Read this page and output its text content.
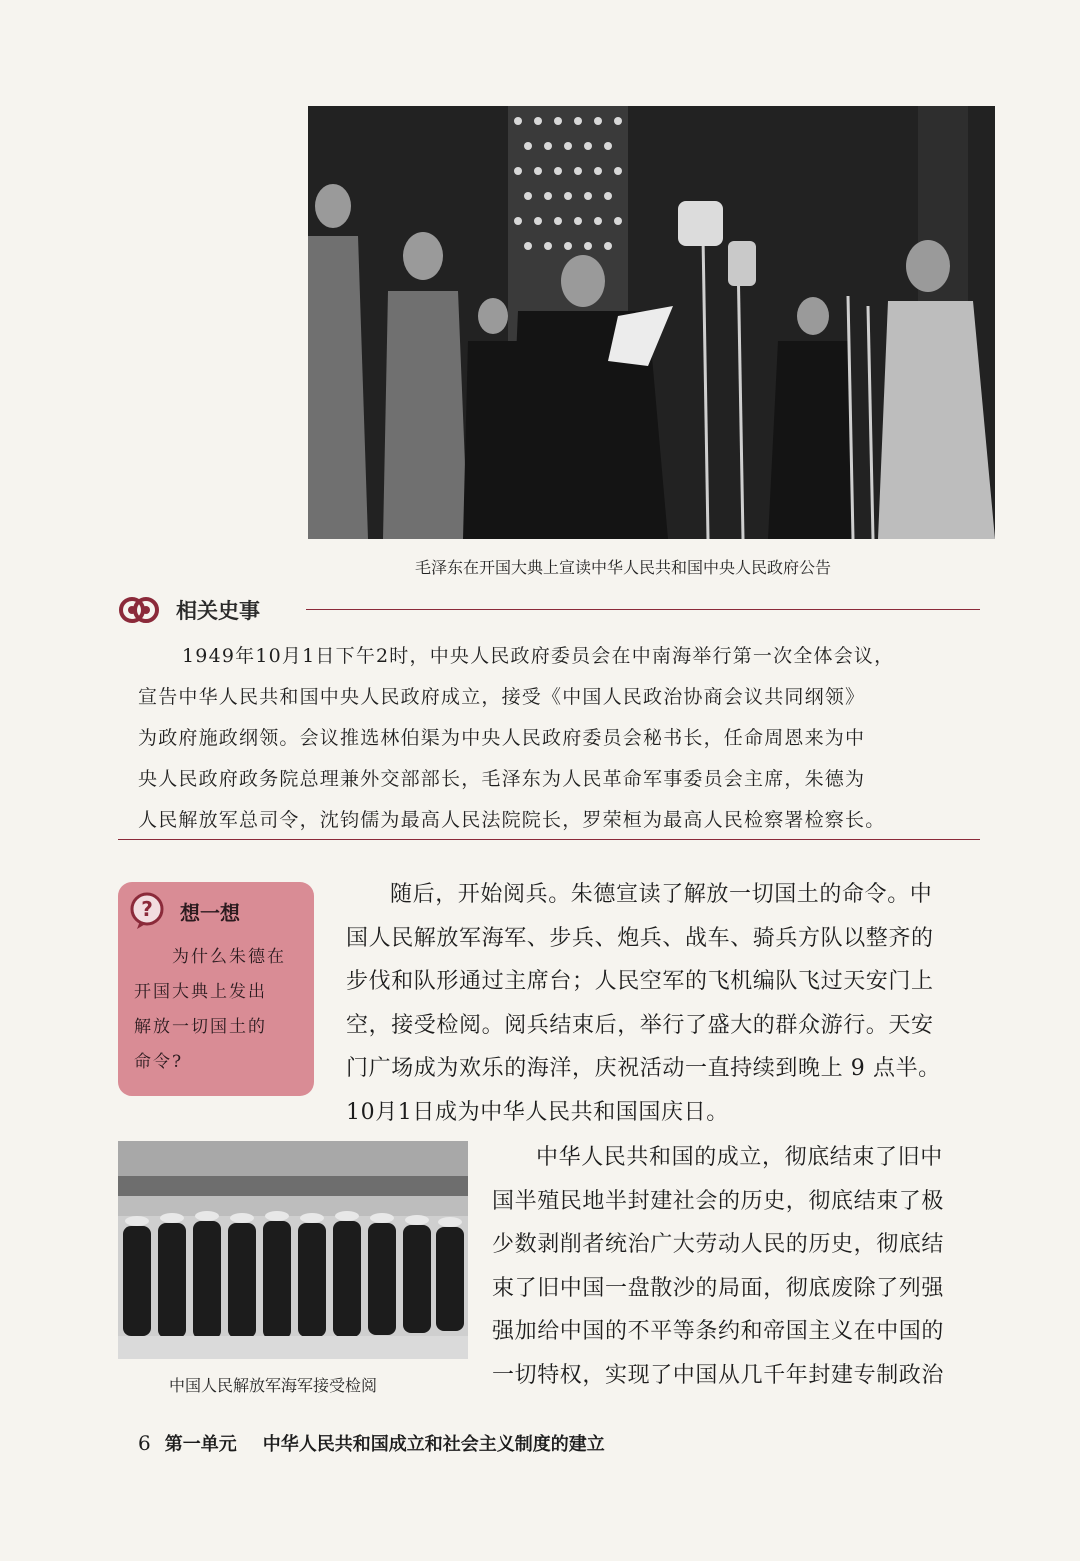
毛泽东在开国大典上宣读中华人民共和国中央人民政府公告
相关史事

1949年10月1日下午2时，中央人民政府委员会在中南海举行第一次全体会议，

宣告中华人民共和国中央人民政府成立，接受《中国人民政治协商会议共同纲领》

为政府施政纲领。会议推选林伯渠为中央人民政府委员会秘书长，任命周恩来为中

央人民政府政务院总理兼外交部部长，毛泽东为人民革命军事委员会主席，朱德为

人民解放军总司令，沈钧儒为最高人民法院院长，罗荣桓为最高人民检察署检察长。

? 想一想

为什么朱德在

开国大典上发出

解放一切国土的

命令?

随后，开始阅兵。朱德宣读了解放一切国土的命令。中

国人民解放军海军、步兵、炮兵、战车、骑兵方队以整齐的

步伐和队形通过主席台；人民空军的飞机编队飞过天安门上

空，接受检阅。阅兵结束后，举行了盛大的群众游行。天安

门广场成为欢乐的海洋，庆祝活动一直持续到晚上 9 点半。

10月1日成为中华人民共和国国庆日。

中国人民解放军海军接受检阅

中华人民共和国的成立，彻底结束了旧中

国半殖民地半封建社会的历史，彻底结束了极

少数剥削者统治广大劳动人民的历史，彻底结

束了旧中国一盘散沙的局面，彻底废除了列强

强加给中国的不平等条约和帝国主义在中国的

一切特权，实现了中国从几千年封建专制政治

6 第一单元 中华人民共和国成立和社会主义制度的建立
